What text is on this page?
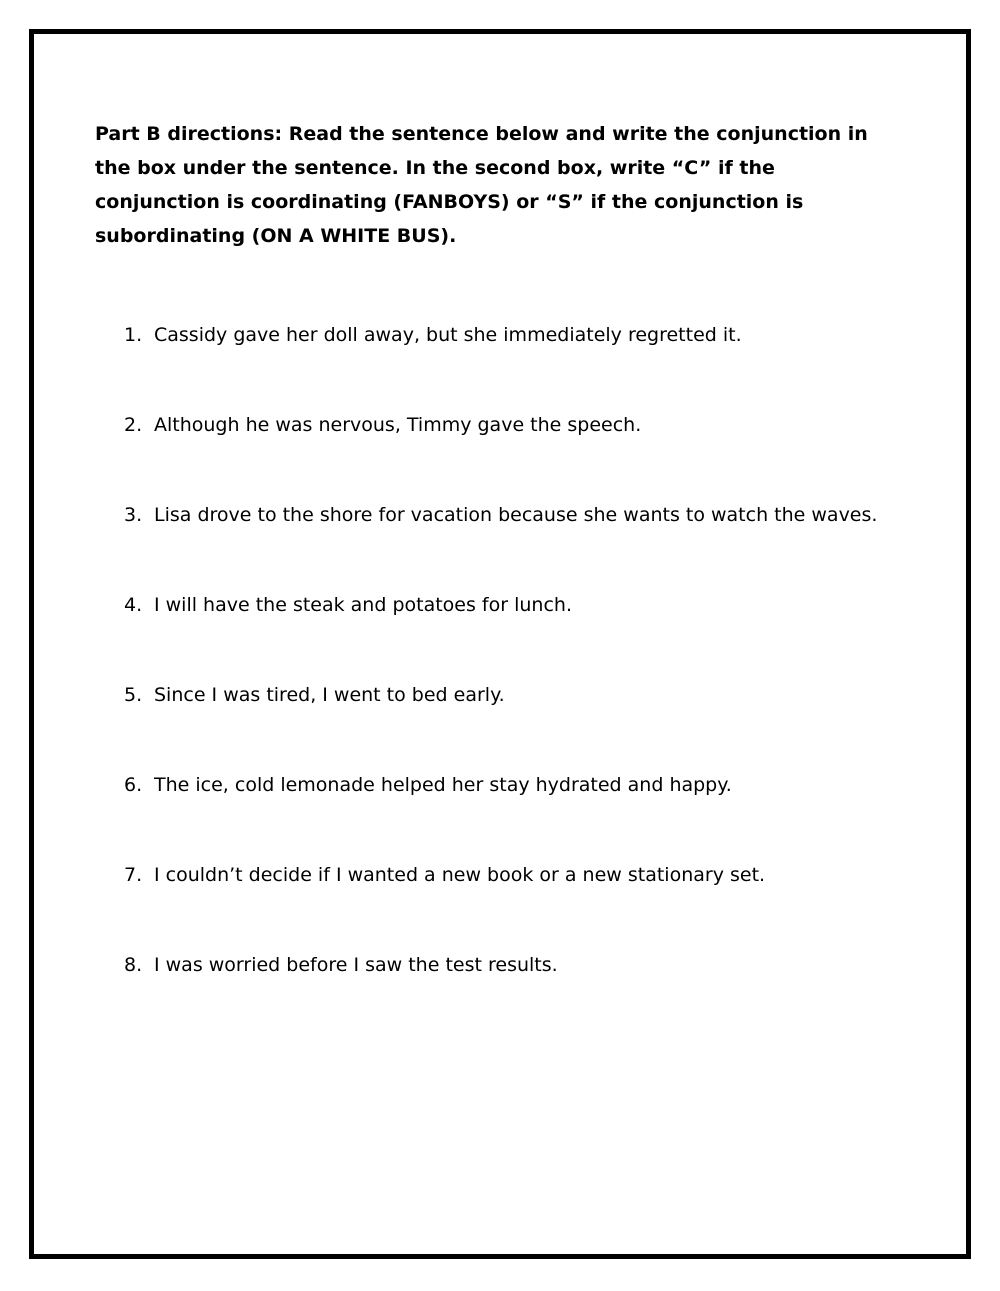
Part B directions: Read the sentence below and write the conjunction in the box under the sentence. In the second box, write “C” if the conjunction is coordinating (FANBOYS) or “S” if the conjunction is subordinating (ON A WHITE BUS).

1. Cassidy gave her doll away, but she immediately regretted it.
2. Although he was nervous, Timmy gave the speech.
3. Lisa drove to the shore for vacation because she wants to watch the waves.
4. I will have the steak and potatoes for lunch.
5. Since I was tired, I went to bed early.
6. The ice, cold lemonade helped her stay hydrated and happy.
7. I couldn’t decide if I wanted a new book or a new stationary set.
8. I was worried before I saw the test results.
